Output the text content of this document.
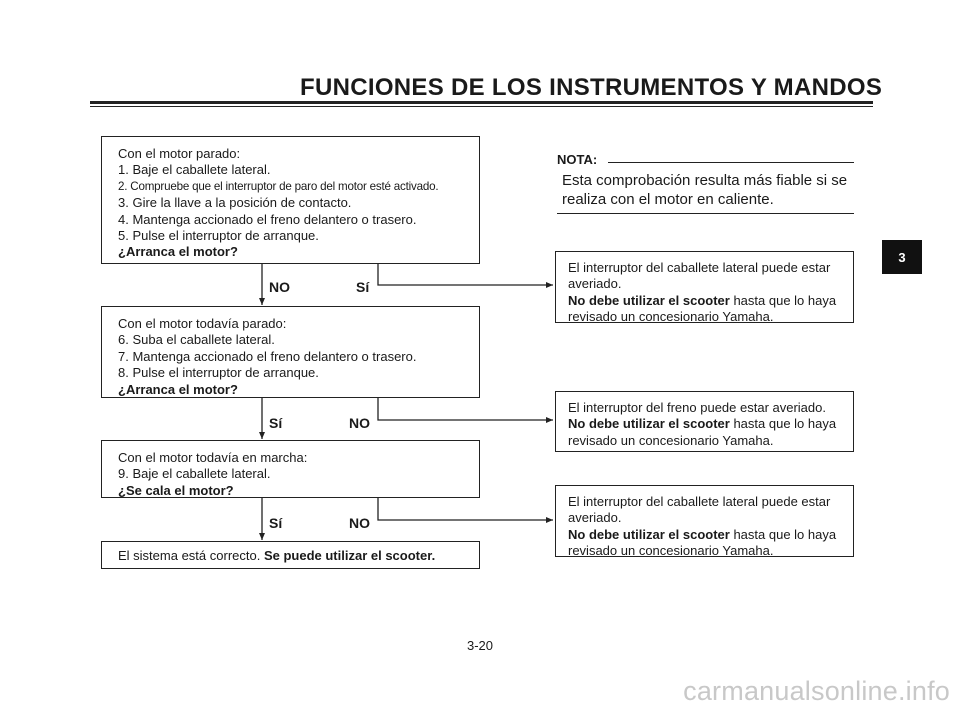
FUNCIONES DE LOS INSTRUMENTOS Y MANDOS
Con el motor parado:
1. Baje el caballete lateral.
2. Compruebe que el interruptor de paro del motor esté activado.
3. Gire la llave a la posición de contacto.
4. Mantenga accionado el freno delantero o trasero.
5. Pulse el interruptor de arranque.
¿Arranca el motor?
NO	Sí
Con el motor todavía parado:
6. Suba el caballete lateral.
7. Mantenga accionado el freno delantero o trasero.
8. Pulse el interruptor de arranque.
¿Arranca el motor?
Sí	NO
Con el motor todavía en marcha:
9. Baje el caballete lateral.
¿Se cala el motor?
Sí	NO
El sistema está correcto. Se puede utilizar el scooter.
El interruptor del caballete lateral puede estar
averiado.
No debe utilizar el scooter hasta que lo haya
revisado un concesionario Yamaha.
El interruptor del freno puede estar averiado.
No debe utilizar el scooter hasta que lo haya
revisado un concesionario Yamaha.
El interruptor del caballete lateral puede estar
averiado.
No debe utilizar el scooter hasta que lo haya
revisado un concesionario Yamaha.
NOTA:
Esta comprobación resulta más fiable si se realiza con el motor en caliente.
3
3-20
carmanualsonline.info
